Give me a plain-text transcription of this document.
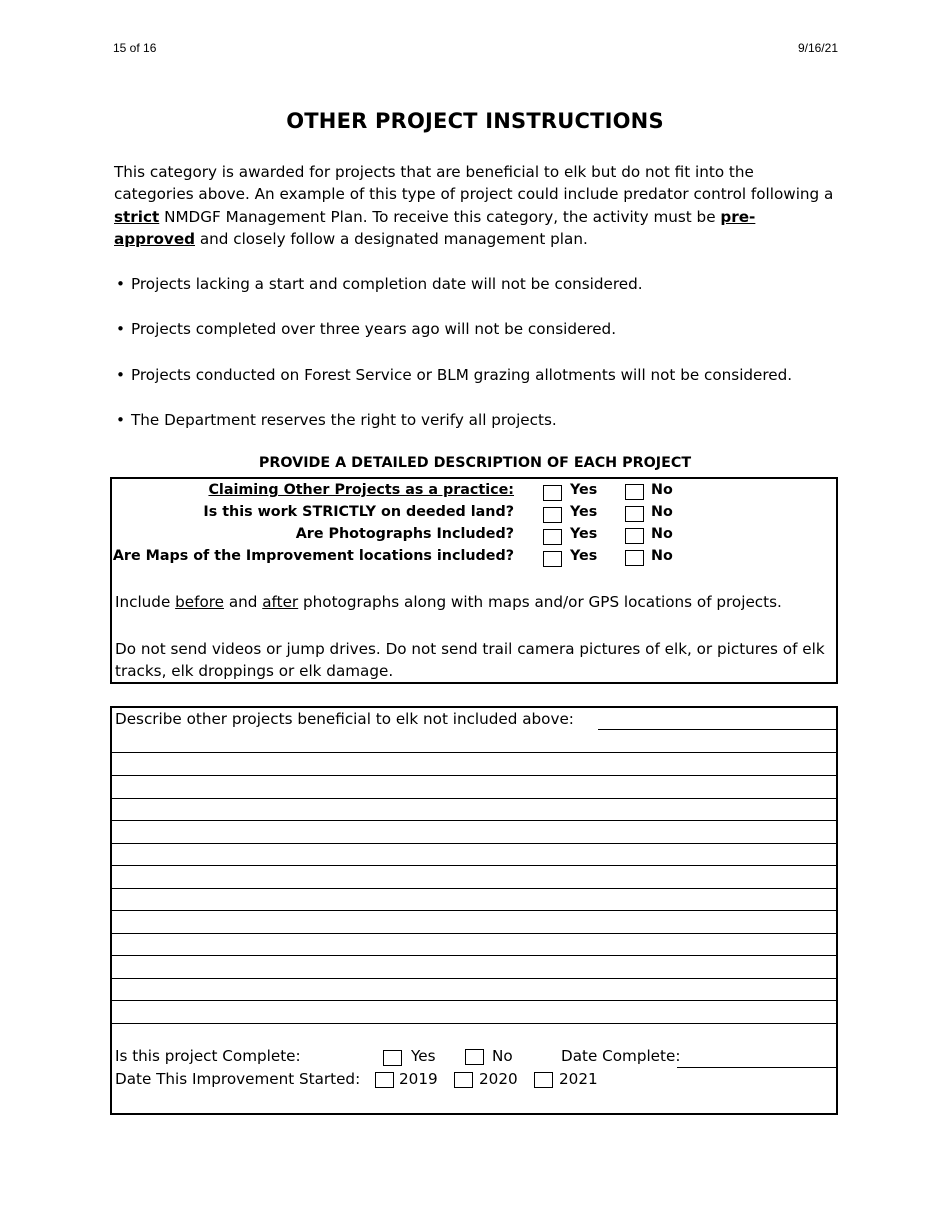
15 of 16	9/16/21
OTHER PROJECT INSTRUCTIONS
This category is awarded for projects that are beneficial to elk but do not fit into the categories above. An example of this type of project could include predator control following a strict NMDGF Management Plan. To receive this category, the activity must be pre-approved and closely follow a designated management plan.
• Projects lacking a start and completion date will not be considered.
• Projects completed over three years ago will not be considered.
• Projects conducted on Forest Service or BLM grazing allotments will not be considered.
• The Department reserves the right to verify all projects.
PROVIDE A DETAILED DESCRIPTION OF EACH PROJECT
Claiming Other Projects as a practice:	Yes	No
Is this work STRICTLY on deeded land?	Yes	No
Are Photographs Included?	Yes	No
Are Maps of the Improvement locations included?	Yes	No
Include before and after photographs along with maps and/or GPS locations of projects.
Do not send videos or jump drives. Do not send trail camera pictures of elk, or pictures of elk tracks, elk droppings or elk damage.
Describe other projects beneficial to elk not included above:
Is this project Complete:	Yes	No	Date Complete:
Date This Improvement Started:	2019	2020	2021
